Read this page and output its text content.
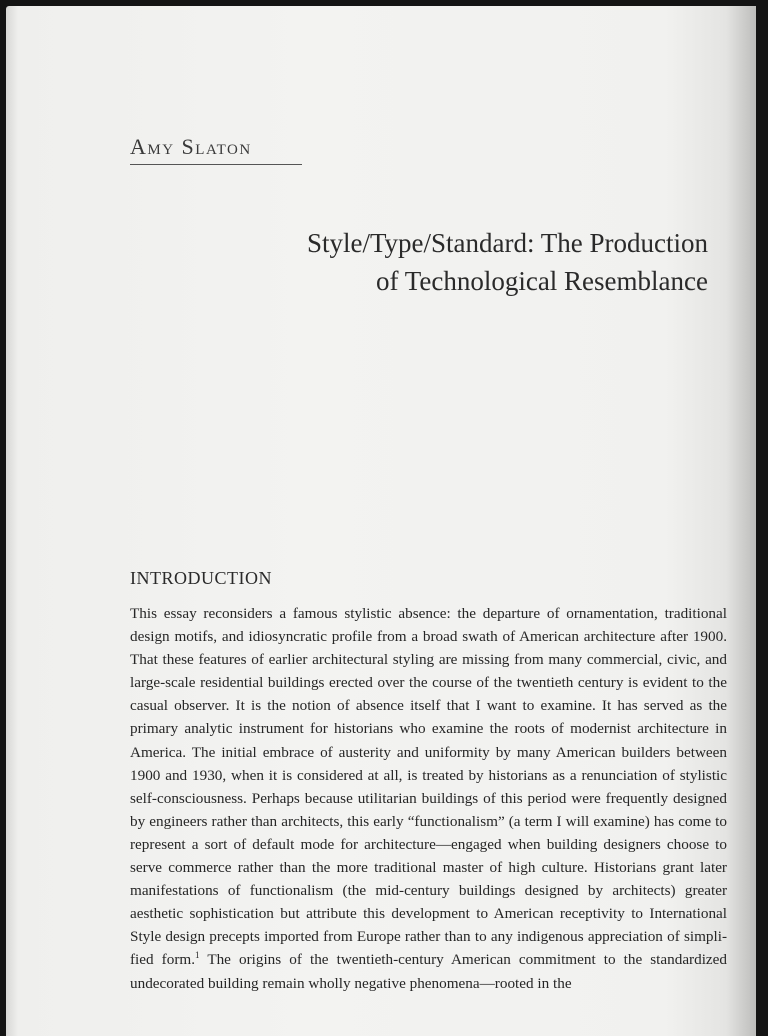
Amy Slaton
Style/Type/Standard: The Production
of Technological Resemblance
INTRODUCTION

This essay reconsiders a famous stylistic absence: the departure of ornamentation, traditional design motifs, and idiosyncratic profile from a broad swath of American architecture after 1900. That these features of earlier architectural styling are missing from many commercial, civic, and large-scale residential buildings erected over the course of the twentieth century is evident to the casual observer. It is the notion of absence itself that I want to examine. It has served as the primary analytic instrument for historians who examine the roots of modernist architecture in America. The initial embrace of austerity and uniformity by many American builders between 1900 and 1930, when it is considered at all, is treated by historians as a renunciation of stylistic self-consciousness. Perhaps because utilitarian buildings of this period were frequently designed by engineers rather than architects, this early “functionalism” (a term I will examine) has come to represent a sort of default mode for architecture—engaged when building designers choose to serve commerce rather than the more traditional master of high culture. Historians grant later manifestations of functionalism (the mid-century buildings designed by architects) greater aesthetic sophistication but attribute this development to American receptivity to International Style design precepts imported from Europe rather than to any indigenous appreciation of simplified form.$^1$ The origins of the twentieth-century American commitment to the standardized undecorated building remain wholly negative phenomena—rooted in the
